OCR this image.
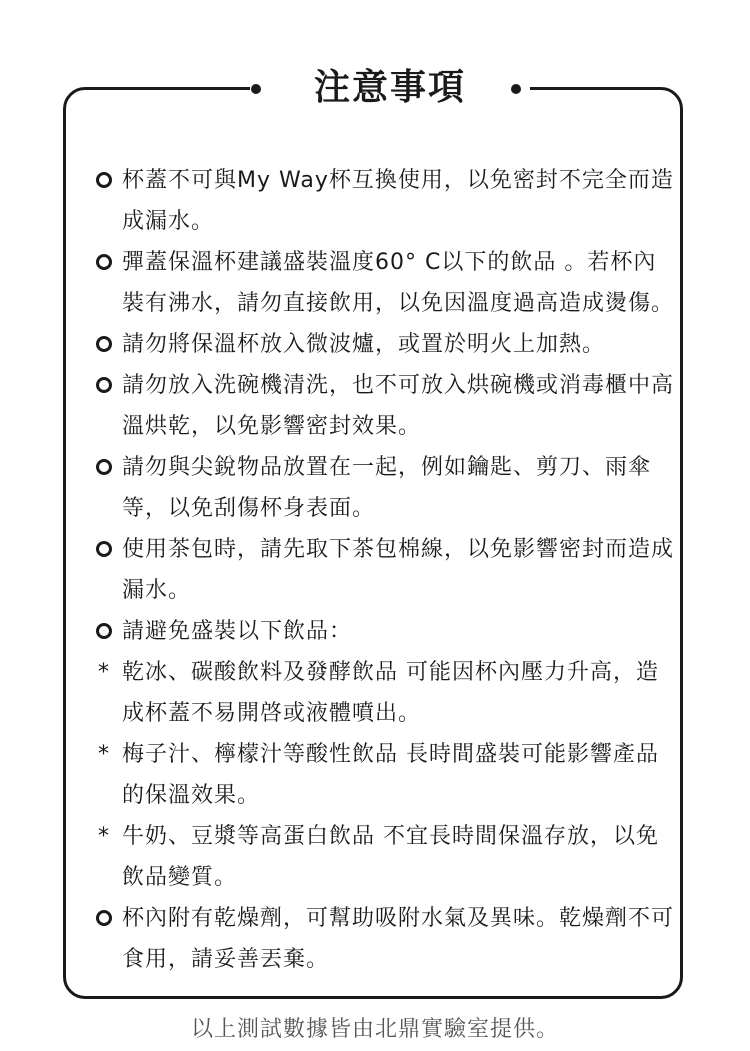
注意事項
杯蓋不可與My Way杯互換使用，以免密封不完全而造成漏水。
彈蓋保溫杯建議盛裝溫度60° C以下的飲品 。若杯內裝有沸水，請勿直接飲用，以免因溫度過高造成燙傷。
請勿將保溫杯放入微波爐，或置於明火上加熱。
請勿放入洗碗機清洗，也不可放入烘碗機或消毒櫃中高溫烘乾，以免影響密封效果。
請勿與尖銳物品放置在一起，例如鑰匙、剪刀、雨傘等，以免刮傷杯身表面。
使用茶包時，請先取下茶包棉線，以免影響密封而造成漏水。
請避免盛裝以下飲品：
* 乾冰、碳酸飲料及發酵飲品 可能因杯內壓力升高，造成杯蓋不易開啓或液體噴出。
* 梅子汁、檸檬汁等酸性飲品 長時間盛裝可能影響產品的保溫效果。
* 牛奶、豆漿等高蛋白飲品 不宜長時間保溫存放，以免飲品變質。
杯內附有乾燥劑，可幫助吸附水氣及異味。乾燥劑不可食用，請妥善丟棄。
以上測試數據皆由北鼎實驗室提供。
